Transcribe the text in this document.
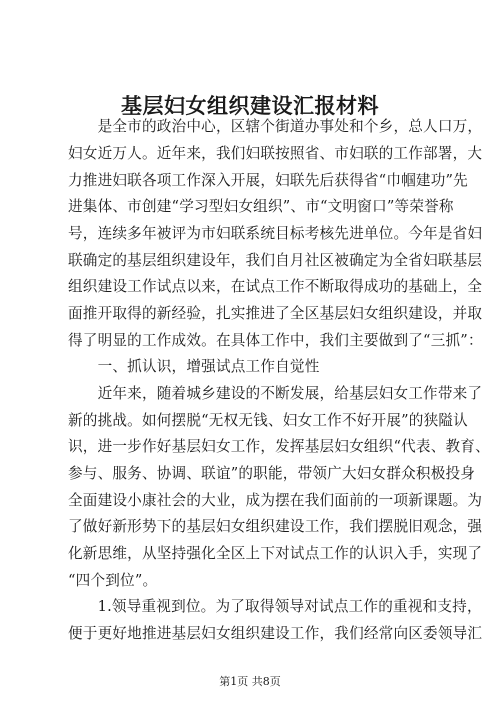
基层妇女组织建设汇报材料
　　是全市的政治中心，区辖个街道办事处和个乡，总人口万，
妇女近万人。近年来，我们妇联按照省、市妇联的工作部署，大
力推进妇联各项工作深入开展，妇联先后获得省“巾帼建功”先
进集体、市创建“学习型妇女组织”、市“文明窗口”等荣誉称
号，连续多年被评为市妇联系统目标考核先进单位。今年是省妇
联确定的基层组织建设年，我们自月社区被确定为全省妇联基层
组织建设工作试点以来，在试点工作不断取得成功的基础上，全
面推开取得的新经验，扎实推进了全区基层妇女组织建设，并取
得了明显的工作成效。在具体工作中，我们主要做到了“三抓”：
　　一、抓认识，增强试点工作自觉性
　　近年来，随着城乡建设的不断发展，给基层妇女工作带来了
新的挑战。如何摆脱“无权无钱、妇女工作不好开展”的狭隘认
识，进一步作好基层妇女工作，发挥基层妇女组织“代表、教育、
参与、服务、协调、联谊”的职能，带领广大妇女群众积极投身
全面建设小康社会的大业，成为摆在我们面前的一项新课题。为
了做好新形势下的基层妇女组织建设工作，我们摆脱旧观念，强
化新思维，从坚持强化全区上下对试点工作的认识入手，实现了
“四个到位”。
　　1.领导重视到位。为了取得领导对试点工作的重视和支持，
便于更好地推进基层妇女组织建设工作，我们经常向区委领导汇
第1页 共8页
